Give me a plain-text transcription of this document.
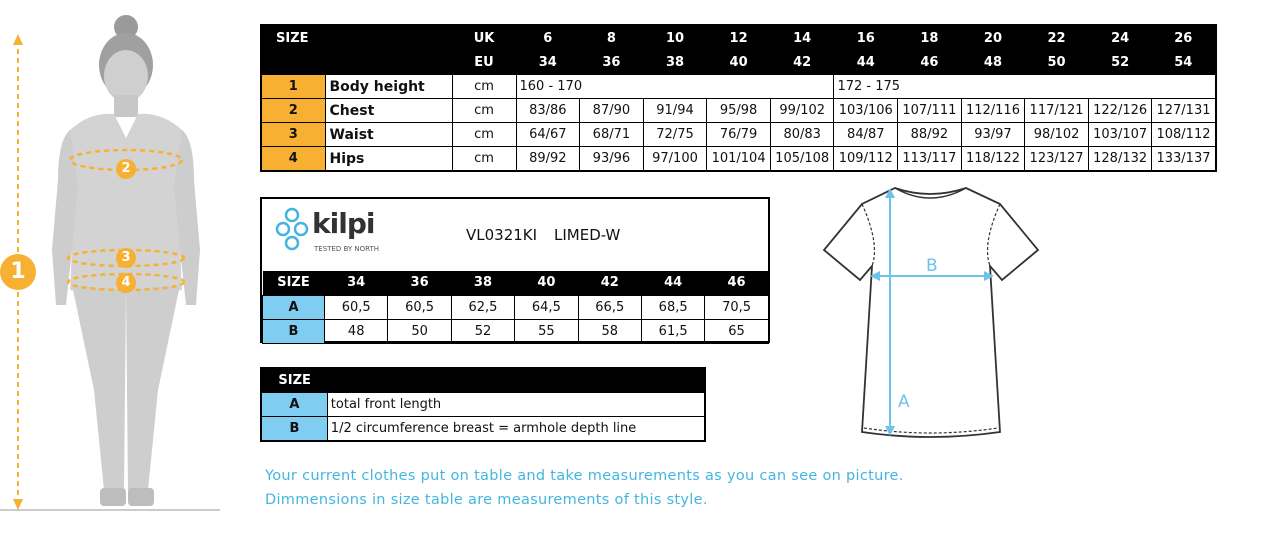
1
2
3
4
SIZE		UK	6	8	10	12	14	16	18	20	22	24	26
		EU	34	36	38	40	42	44	46	48	50	52	54
1	Body height	cm	160 - 170					172 - 175					
2	Chest	cm	83/86	87/90	91/94	95/98	99/102	103/106	107/111	112/116	117/121	122/126	127/131
3	Waist	cm	64/67	68/71	72/75	76/79	80/83	84/87	88/92	93/97	98/102	103/107	108/112
4	Hips	cm	89/92	93/96	97/100	101/104	105/108	109/112	113/117	118/122	123/127	128/132	133/137
kilpi
TESTED BY NORTH
VL0321KI LIMED-W
SIZE	34	36	38	40	42	44	46
A	60,5	60,5	62,5	64,5	66,5	68,5	70,5
B	48	50	52	55	58	61,5	65
SIZE	
A	total front length
B	1/2 circumference breast = armhole depth line
Your current clothes put on table and take measurements as you can see on picture.
Dimmensions in size table are measurements of this style.
B
A
